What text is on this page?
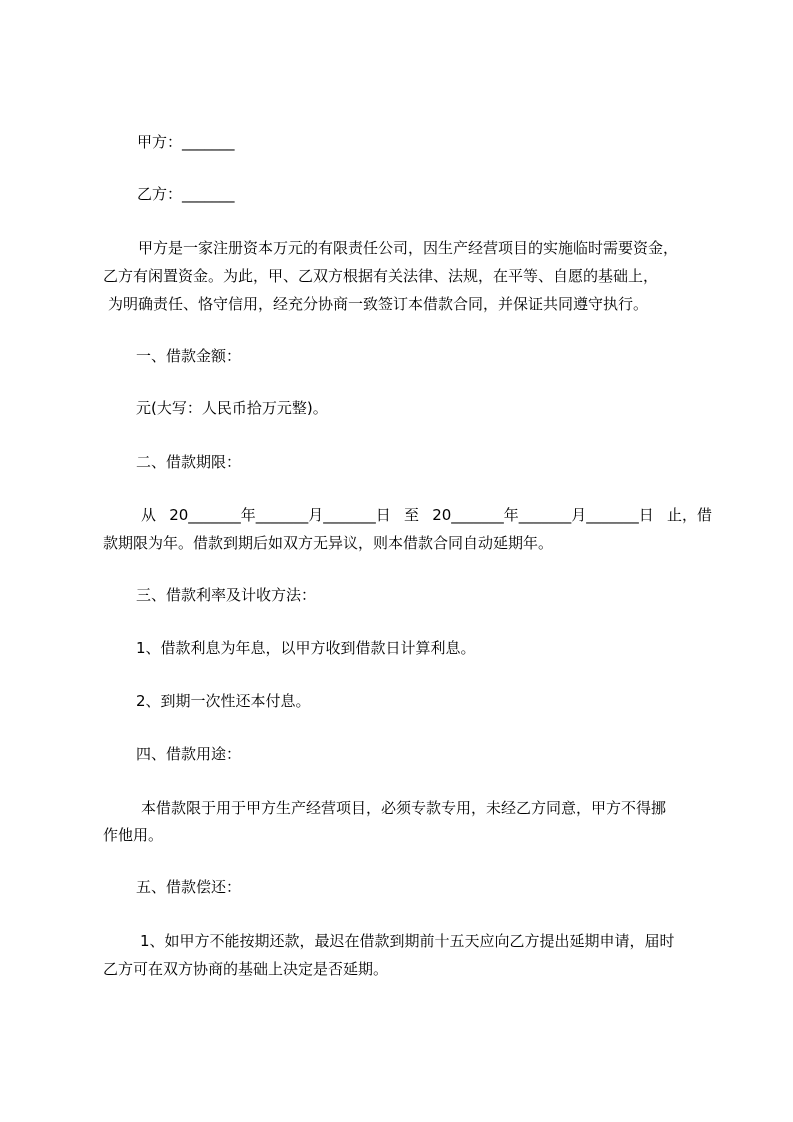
甲方：_______
乙方：_______
甲方是一家注册资本万元的有限责任公司，因生产经营项目的实施临时需要资金，
乙方有闲置资金。为此，甲、乙双方根据有关法律、法规，在平等、自愿的基础上，
为明确责任、恪守信用，经充分协商一致签订本借款合同，并保证共同遵守执行。
一、借款金额：
元(大写：人民币拾万元整)。
二、借款期限：
从 20_______年_______月_______日 至 20_______年_______月_______日 止，借
款期限为年。借款到期后如双方无异议，则本借款合同自动延期年。
三、借款利率及计收方法：
1、借款利息为年息，以甲方收到借款日计算利息。
2、到期一次性还本付息。
四、借款用途：
本借款限于用于甲方生产经营项目，必须专款专用，未经乙方同意，甲方不得挪
作他用。
五、借款偿还：
1、如甲方不能按期还款，最迟在借款到期前十五天应向乙方提出延期申请，届时
乙方可在双方协商的基础上决定是否延期。
